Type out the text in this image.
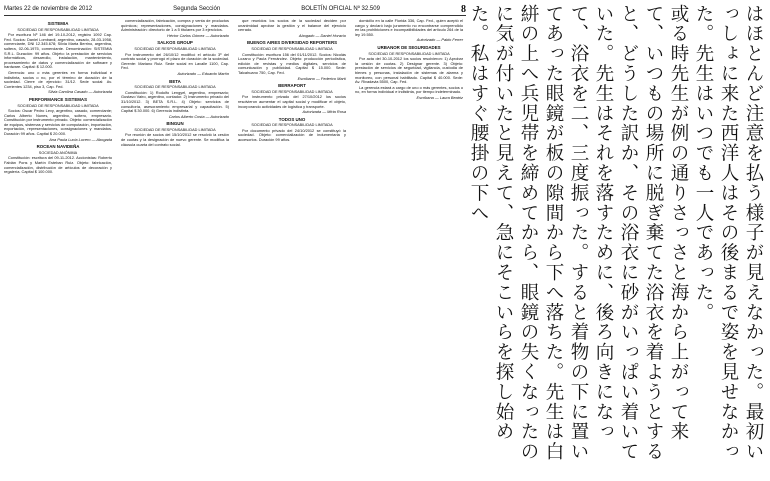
Martes 22 de noviembre de 2012	Segunda Sección	BOLETÍN OFICIAL Nº 32.509	8
SISTEMIA
SOCIEDAD DE RESPONSABILIDAD LIMITADA

Por escritura Nº 146 del 19-10-2012, registro 1092 Cap. Fed. Socios: Daniel Lombardi, argentino, casado, 28-03-1958, comerciante, DNI 12.345.678; Silvia Marta Berrino, argentina, soltera, 02-06-1975, comerciante. Denominación: SISTEMIA S.R.L. Duración: 99 años. Objeto: la prestación de servicios informáticos, desarrollo, instalación, mantenimiento, procesamiento de datos y comercialización de software y hardware. Capital: $ 12.000.

Gerencia: uno o más gerentes en forma individual e indistinta, socios o no, por el término de duración de la sociedad. Cierre de ejercicio: 31/12. Sede social: Av. Corrientes 1234, piso 3, Cap. Fed.

Silvia Carolina Casado — Autorizada
PERFORMANCE SISTEMAS
SOCIEDAD DE RESPONSABILIDAD LIMITADA

Socios: Oscar Pedro Levy, argentino, casado, comerciante; Carlos Alberto Nunes, argentino, soltero, empresario. Constitución por instrumento privado. Objeto: comercialización de equipos, sistemas y servicios de computación, importación, exportación, representaciones, consignaciones y mandatos. Duración 99 años. Capital $ 20.000.

Ana Paula Lucia Lucero — Abogada
ROCEAN NAVIDEÑA
SOCIEDAD ANÓNIMA

Constitución: escritura del 09-11-2012. Accionistas: Roberto Fabián Pons y Martín Esteban Ruiz. Objeto: fabricación, comercialización, distribución de artículos de decoración y regalería. Capital $ 100.000.

comercialización, fabricación, compra y venta de productos químicos; representaciones, consignaciones y mandatos. Administración: directorio de 1 a 5 titulares por 3 ejercicios.

Héctor Carlos Gómez — Autorizado
SALKOS GROUP
SOCIEDAD DE RESPONSABILIDAD LIMITADA

Por instrumento del 26/10/12 modificó el artículo 3º del contrato social y prorrogó el plazo de duración de la sociedad. Gerente: Mariano Ruiz. Sede social en Lavalle 1100, Cap. Fed.

Autorizado — Eduardo Martín
BETA
SOCIEDAD DE RESPONSABILIDAD LIMITADA

Constitución: 1) Rodolfo Lengyel, argentino, empresario; Gustavo Vairo, argentino, contador. 2) Instrumento privado del 31/10/2012. 3) BETA S.R.L. 4) Objeto: servicios de consultoría, asesoramiento empresarial y capacitación. 5) Capital $ 30.000. 6) Gerencia indistinta.

Carlos Alberto Costa — Autorizado
BINGUN
SOCIEDAD DE RESPONSABILIDAD LIMITADA

Por reunión de socios del 15/10/2012 se resolvió la cesión de cuotas y la designación de nuevo gerente. Se modifica la cláusula cuarta del contrato social.

que reunidos los socios de la sociedad deciden por unanimidad aprobar la gestión y el balance del ejercicio cerrado.

Abogado — Daniel Horacio
BUENOS AIRES DIVERSIDAD REPORTERS
SOCIEDAD DE RESPONSABILIDAD LIMITADA

Constitución: escritura 156 del 01/11/2012. Socios: Nicolás Lozano y Paula Fernández. Objeto: producción periodística, edición de revistas y medios digitales, servicios de comunicación y publicidad. Capital $ 15.000. Sede: Talcahuano 750, Cap. Fed.

Escribano — Federico Martí
BERRAPORT
SOCIEDAD DE RESPONSABILIDAD LIMITADA

Por instrumento privado del 27/10/2012 los socios resolvieron aumentar el capital social y modificar el objeto, incorporando actividades de logística y transporte.

Autorizada — Mirta Rosa
TODOS UNO
SOCIEDAD DE RESPONSABILIDAD LIMITADA

Por documento privado del 24/10/2012 se constituyó la sociedad. Objeto: comercialización de indumentaria y accesorios. Duración 99 años.

domicilio en la calle Florida 336, Cap. Fed., quien aceptó el cargo y declaró bajo juramento no encontrarse comprendido en las prohibiciones e incompatibilidades del artículo 264 de la ley 19.550.

Autorizado — Pablo Ferrer
URBANOR DE SEGURIDADES
SOCIEDAD DE RESPONSABILIDAD LIMITADA

Por acta del 30-10-2012 los socios resolvieron: 1) Aprobar la cesión de cuotas. 2) Designar gerente. 3) Objeto: prestación de servicios de seguridad, vigilancia, custodia de bienes y personas, instalación de sistemas de alarma y monitoreo, con personal habilitado. Capital $ 40.000. Sede: Av. Rivadavia 5500, Cap. Fed.

La gerencia estará a cargo de uno o más gerentes, socios o no, en forma individual e indistinta, por tiempo indeterminado.

Escribana — Laura Beatriz	はほとんど注意を払う様子が見えなかった。最初いっしょに来た西洋人はその後まるで姿を見せなかった。先生はいつでも一人であった。

或る時先生が例の通りさっさと海から上がって来て、いつもの場所に脱ぎ棄てた浴衣を着ようとすると、どうした訳か、その浴衣に砂がいっぱい着いていた。先生はそれを落すために、後ろ向きになって、浴衣を二、三度振った。すると着物の下に置いてあった眼鏡が板の隙間から下へ落ちた。先生は白絣の上へ兵児帯を締めてから、眼鏡の失くなったのに気が付いたと見えて、急にそこいらを探し始めた。私はすぐ腰掛の下へ
